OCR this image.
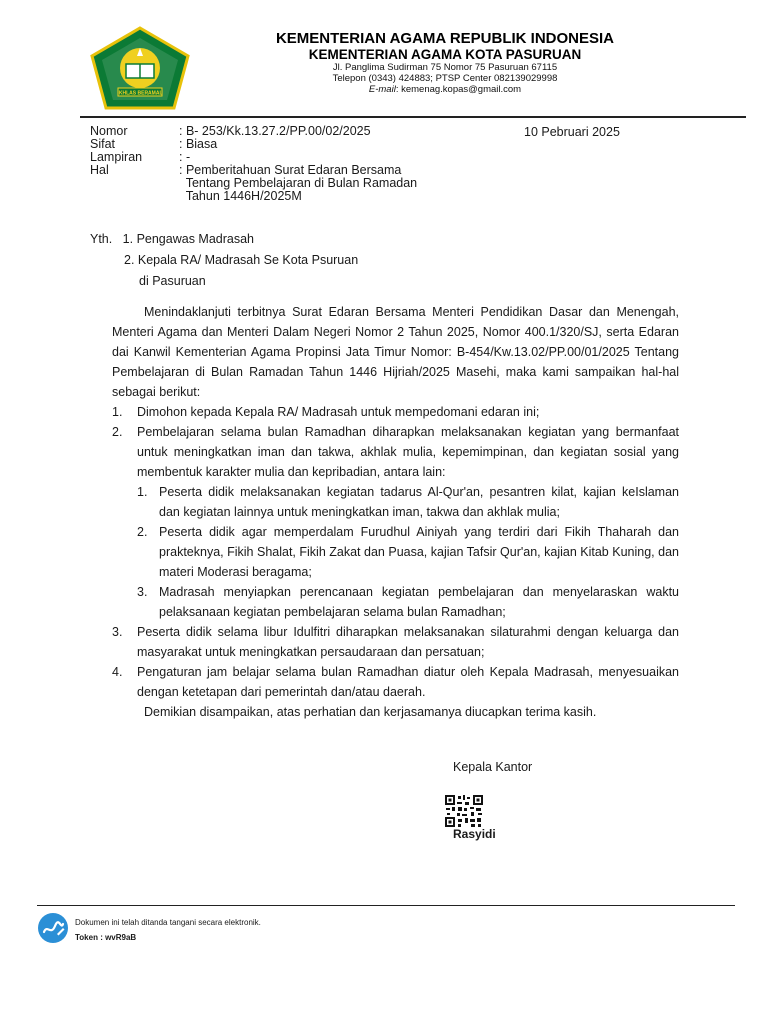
IKHLAS BERAMAL
KEMENTERIAN AGAMA REPUBLIK INDONESIA
KEMENTERIAN AGAMA KOTA PASURUAN
Jl. Panglima Sudirman 75 Nomor 75 Pasuruan 67115
Telepon (0343) 424883; PTSP Center 082139029998
E-mail: kemenag.kopas@gmail.com
Nomor	: B- 253/Kk.13.27.2/PP.00/02/2025
Sifat	: Biasa
Lampiran	: -
Hal	: Pemberitahuan Surat Edaran Bersama
Tentang Pembelajaran di Bulan Ramadan
Tahun 1446H/2025M
10 Pebruari 2025
Yth. 1. Pengawas Madrasah
2. Kepala RA/ Madrasah Se Kota Psuruan
di Pasuruan

Menindaklanjuti terbitnya Surat Edaran Bersama Menteri Pendidikan Dasar dan Menengah, Menteri Agama dan Menteri Dalam Negeri Nomor 2 Tahun 2025, Nomor 400.1/320/SJ, serta Edaran dai Kanwil Kementerian Agama Propinsi Jata Timur Nomor: B-454/Kw.13.02/PP.00/01/2025 Tentang Pembelajaran di Bulan Ramadan Tahun 1446 Hijriah/2025 Masehi, maka kami sampaikan hal-hal sebagai berikut:

1.	Dimohon kepada Kepala RA/ Madrasah untuk mempedomani edaran ini;
2.	Pembelajaran selama bulan Ramadhan diharapkan melaksanakan kegiatan yang bermanfaat untuk meningkatkan iman dan takwa, akhlak mulia, kepemimpinan, dan kegiatan sosial yang membentuk karakter mulia dan kepribadian, antara lain:
1. Peserta didik melaksanakan kegiatan tadarus Al-Qur'an, pesantren kilat, kajian keIslaman dan kegiatan lainnya untuk meningkatkan iman, takwa dan akhlak mulia;
2. Peserta didik agar memperdalam Furudhul Ainiyah yang terdiri dari Fikih Thaharah dan prakteknya, Fikih Shalat, Fikih Zakat dan Puasa, kajian Tafsir Qur'an, kajian Kitab Kuning, dan materi Moderasi beragama;
3. Madrasah menyiapkan perencanaan kegiatan pembelajaran dan menyelaraskan waktu pelaksanaan kegiatan pembelajaran selama bulan Ramadhan;
3.	Peserta didik selama libur Idulfitri diharapkan melaksanakan silaturahmi dengan keluarga dan masyarakat untuk meningkatkan persaudaraan dan persatuan;
4.	Pengaturan jam belajar selama bulan Ramadhan diatur oleh Kepala Madrasah, menyesuaikan dengan ketetapan dari pemerintah dan/atau daerah.

Demikian disampaikan, atas perhatian dan kerjasamanya diucapkan terima kasih.

Kepala Kantor
Rasyidi
Dokumen ini telah ditanda tangani secara elektronik.
Token : wvR9aB
